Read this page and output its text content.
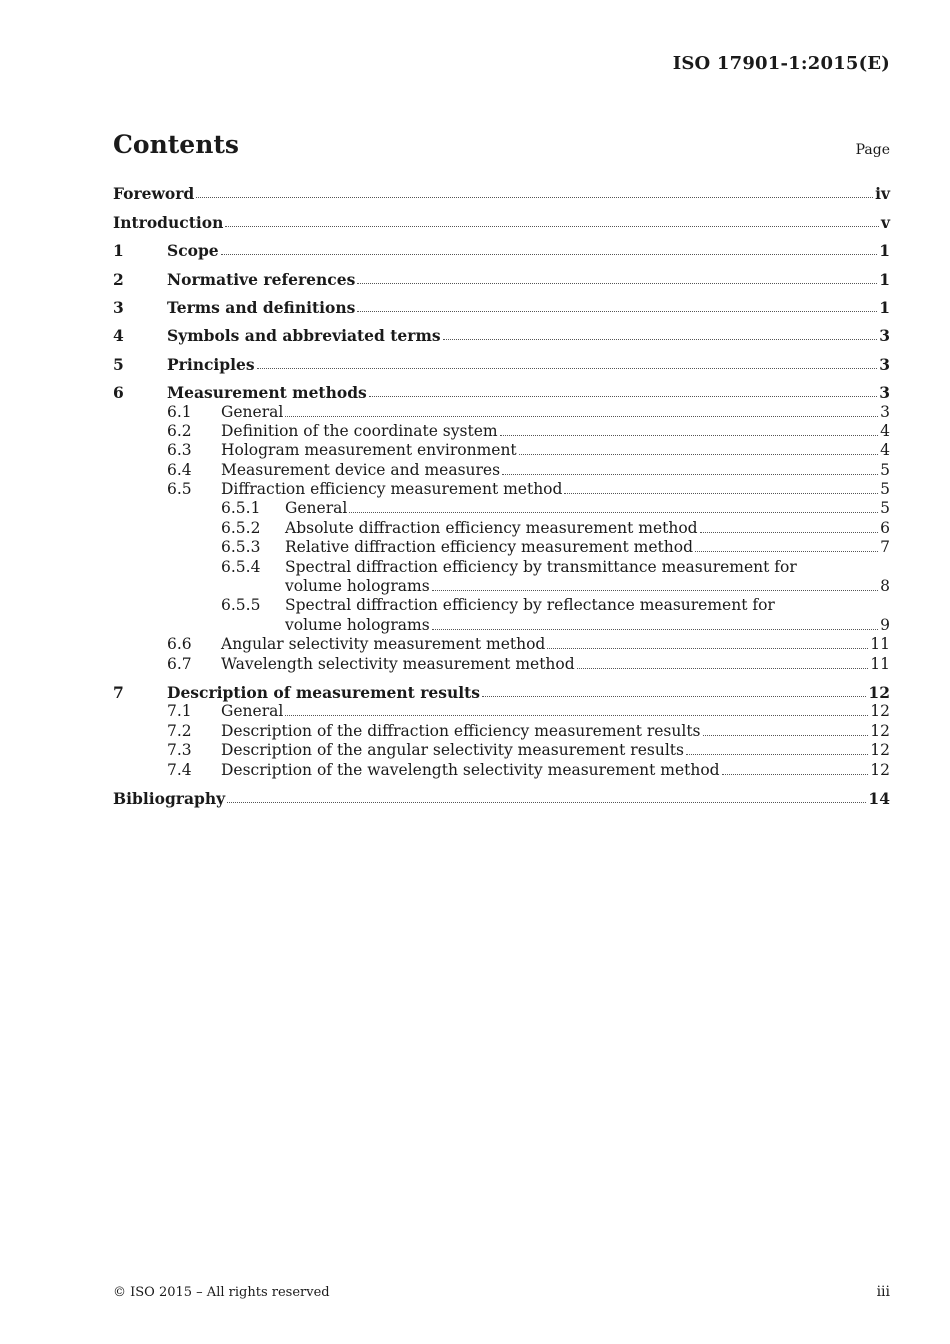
ISO 17901-1:2015(E)
Contents	Page
Foreword	iv
Introduction	v
1	Scope	1
2	Normative references	1
3	Terms and definitions	1
4	Symbols and abbreviated terms	3
5	Principles	3
6	Measurement methods	3
6.1	General	3
6.2	Definition of the coordinate system	4
6.3	Hologram measurement environment	4
6.4	Measurement device and measures	5
6.5	Diffraction efficiency measurement method	5
6.5.1	General	5
6.5.2	Absolute diffraction efficiency measurement method	6
6.5.3	Relative diffraction efficiency measurement method	7
6.5.4	Spectral diffraction efficiency by transmittance measurement for
volume holograms	8
6.5.5	Spectral diffraction efficiency by reflectance measurement for
volume holograms	9
6.6	Angular selectivity measurement method	11
6.7	Wavelength selectivity measurement method	11
7	Description of measurement results	12
7.1	General	12
7.2	Description of the diffraction efficiency measurement results	12
7.3	Description of the angular selectivity measurement results	12
7.4	Description of the wavelength selectivity measurement method	12
Bibliography	14
© ISO 2015 – All rights reserved	iii
